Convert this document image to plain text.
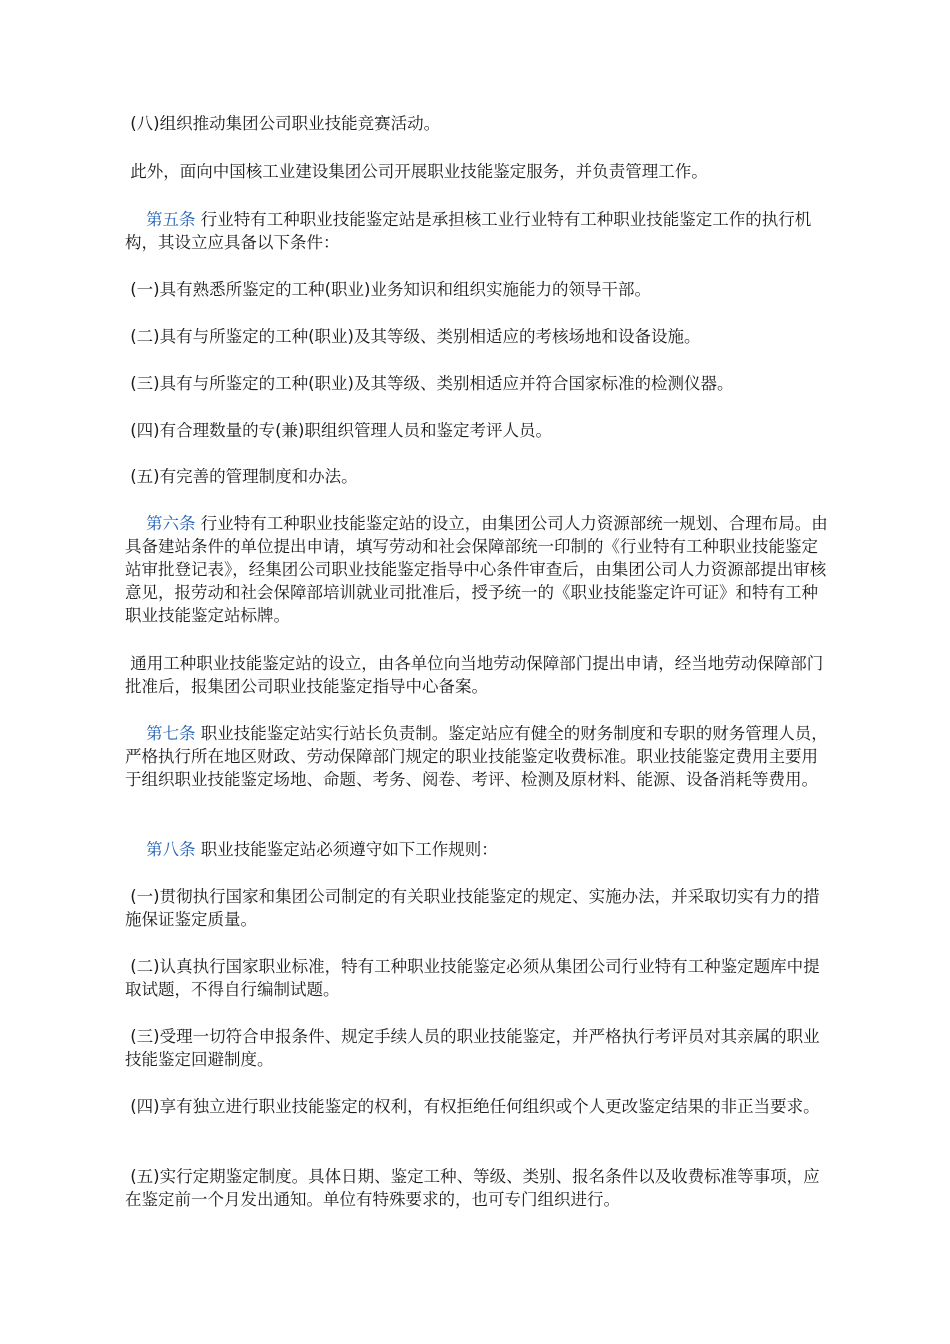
(八)组织推动集团公司职业技能竞赛活动。

此外，面向中国核工业建设集团公司开展职业技能鉴定服务，并负责管理工作。

第五条 行业特有工种职业技能鉴定站是承担核工业行业特有工种职业技能鉴定工作的执行机构，其设立应具备以下条件：

(一)具有熟悉所鉴定的工种(职业)业务知识和组织实施能力的领导干部。

(二)具有与所鉴定的工种(职业)及其等级、类别相适应的考核场地和设备设施。

(三)具有与所鉴定的工种(职业)及其等级、类别相适应并符合国家标准的检测仪器。

(四)有合理数量的专(兼)职组织管理人员和鉴定考评人员。

(五)有完善的管理制度和办法。

第六条 行业特有工种职业技能鉴定站的设立，由集团公司人力资源部统一规划、合理布局。由具备建站条件的单位提出申请，填写劳动和社会保障部统一印制的《行业特有工种职业技能鉴定站审批登记表》，经集团公司职业技能鉴定指导中心条件审查后，由集团公司人力资源部提出审核意见，报劳动和社会保障部培训就业司批准后，授予统一的《职业技能鉴定许可证》和特有工种职业技能鉴定站标牌。

通用工种职业技能鉴定站的设立，由各单位向当地劳动保障部门提出申请，经当地劳动保障部门批准后，报集团公司职业技能鉴定指导中心备案。

第七条 职业技能鉴定站实行站长负责制。鉴定站应有健全的财务制度和专职的财务管理人员，严格执行所在地区财政、劳动保障部门规定的职业技能鉴定收费标准。职业技能鉴定费用主要用于组织职业技能鉴定场地、命题、考务、阅卷、考评、检测及原材料、能源、设备消耗等费用。

第八条 职业技能鉴定站必须遵守如下工作规则：

(一)贯彻执行国家和集团公司制定的有关职业技能鉴定的规定、实施办法，并采取切实有力的措施保证鉴定质量。

(二)认真执行国家职业标准，特有工种职业技能鉴定必须从集团公司行业特有工种鉴定题库中提取试题，不得自行编制试题。

(三)受理一切符合申报条件、规定手续人员的职业技能鉴定，并严格执行考评员对其亲属的职业技能鉴定回避制度。

(四)享有独立进行职业技能鉴定的权利，有权拒绝任何组织或个人更改鉴定结果的非正当要求。

(五)实行定期鉴定制度。具体日期、鉴定工种、等级、类别、报名条件以及收费标准等事项，应在鉴定前一个月发出通知。单位有特殊要求的，也可专门组织进行。
